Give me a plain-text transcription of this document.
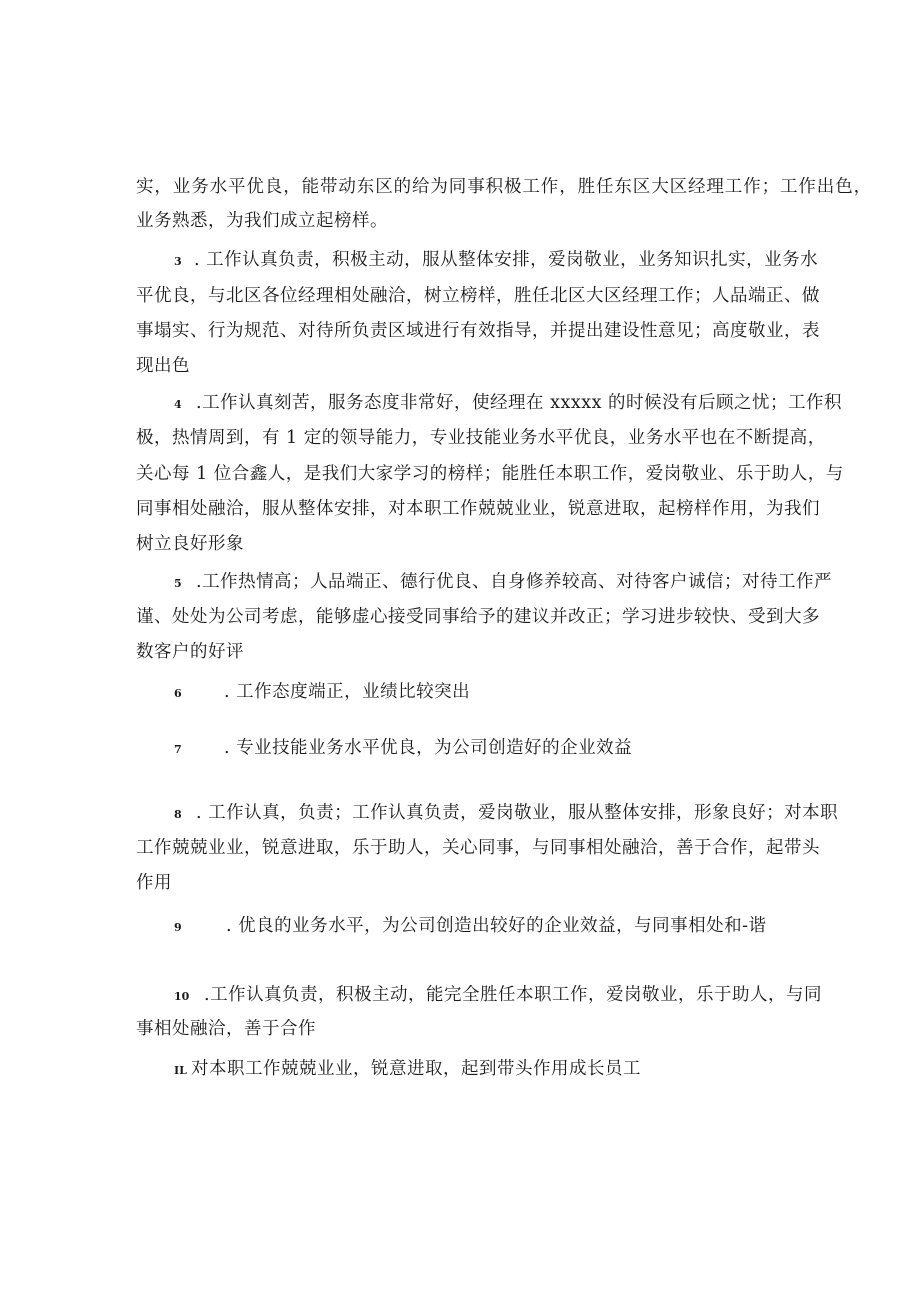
实，业务水平优良，能带动东区的给为同事积极工作，胜任东区大区经理工作；工作出色，
业务熟悉，为我们成立起榜样。
3 . 工作认真负责，积极主动，服从整体安排，爱岗敬业，业务知识扎实，业务水
平优良，与北区各位经理相处融洽，树立榜样，胜任北区大区经理工作；人品端正、做
事塌实、行为规范、对待所负责区域进行有效指导，并提出建设性意见；高度敬业，表
现出色
4 .工作认真刻苦，服务态度非常好，使经理在 xxxxx 的时候没有后顾之忧；工作积
极，热情周到，有 1 定的领导能力，专业技能业务水平优良，业务水平也在不断提高，
关心每 1 位合鑫人，是我们大家学习的榜样；能胜任本职工作，爱岗敬业、乐于助人，与
同事相处融洽，服从整体安排，对本职工作兢兢业业，锐意进取，起榜样作用，为我们
树立良好形象
5 .工作热情高；人品端正、德行优良、自身修养较高、对待客户诚信；对待工作严
谨、处处为公司考虑，能够虚心接受同事给予的建议并改正；学习进步较快、受到大多
数客户的好评
6 . 工作态度端正，业绩比较突出
7 . 专业技能业务水平优良，为公司创造好的企业效益
8 . 工作认真，负责；工作认真负责，爱岗敬业，服从整体安排，形象良好；对本职
工作兢兢业业，锐意进取，乐于助人，关心同事，与同事相处融洽，善于合作，起带头
作用
9	. 优良的业务水平，为公司创造出较好的企业效益，与同事相处和-谐
10 .工作认真负责，积极主动，能完全胜任本职工作，爱岗敬业，乐于助人，与同
事相处融洽，善于合作
IL 对本职工作兢兢业业，锐意进取，起到带头作用成长员工
